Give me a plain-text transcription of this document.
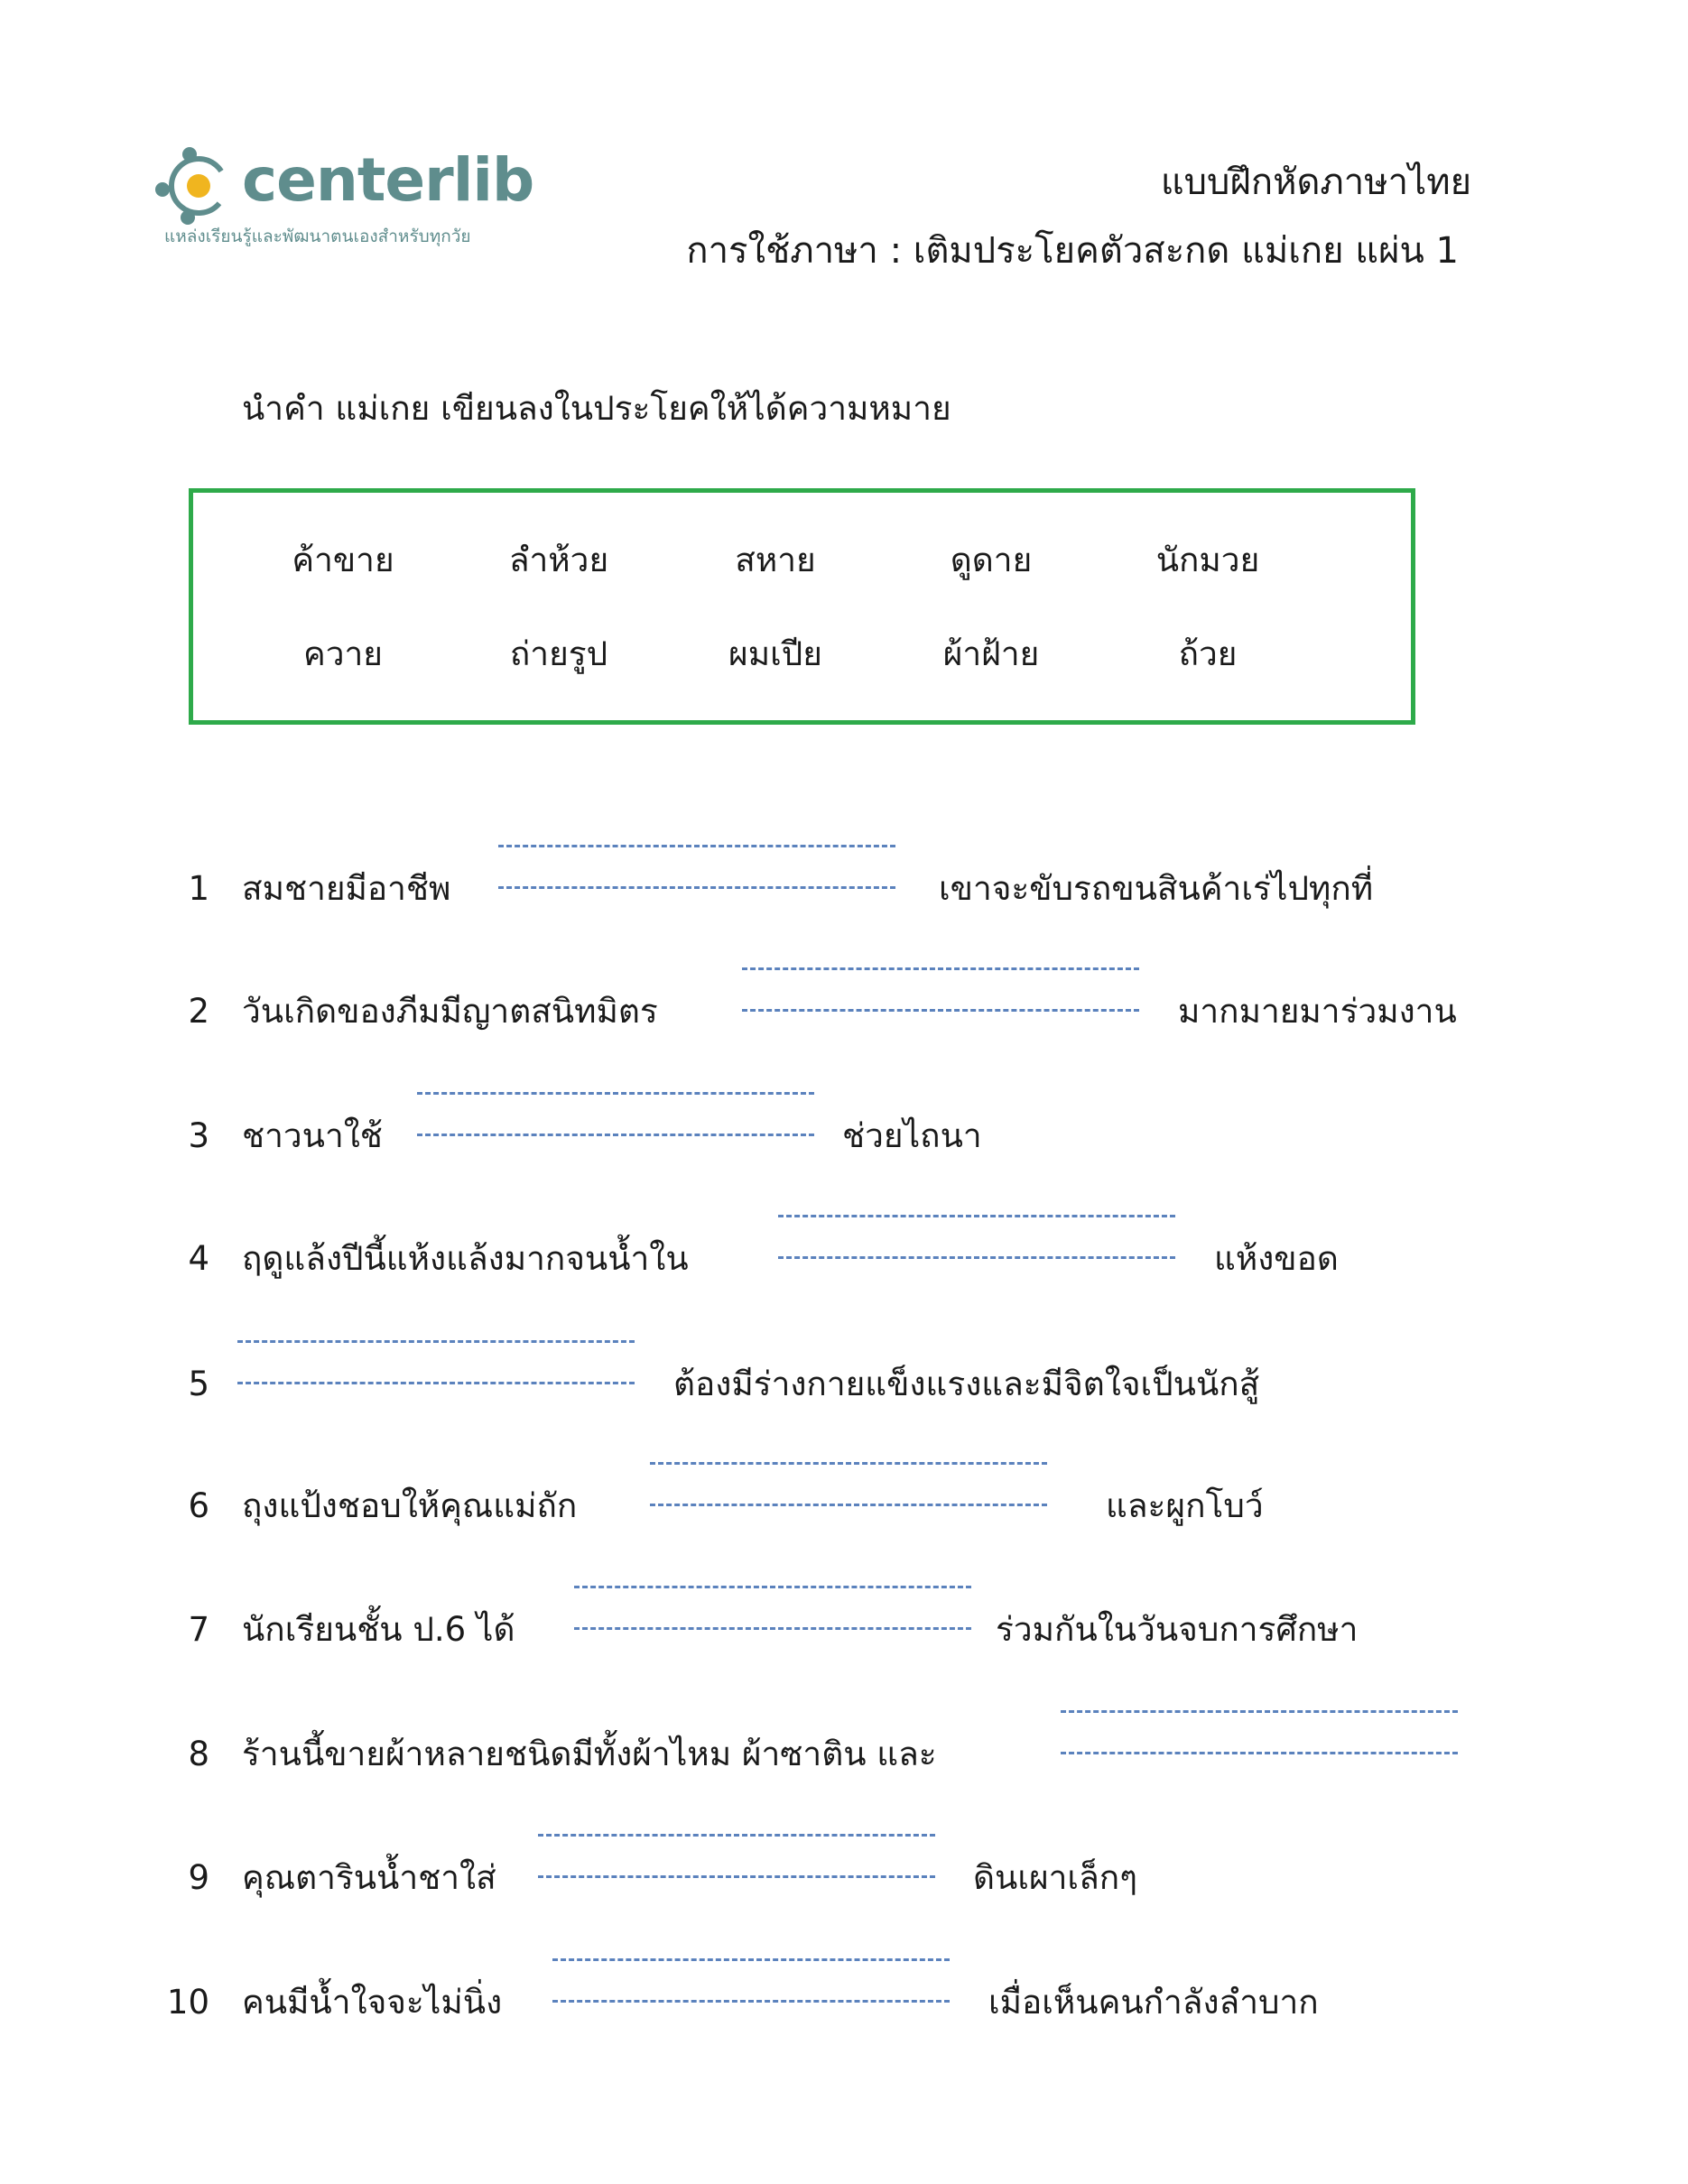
centerlib
แหล่งเรียนรู้และพัฒนาตนเองสำหรับทุกวัย
แบบฝึกหัดภาษาไทย
การใช้ภาษา : เติมประโยคตัวสะกด แม่เกย แผ่น 1
นำคำ แม่เกย เขียนลงในประโยคให้ได้ความหมาย
ค้าขาย	ลำห้วย	สหาย	ดูดาย	นักมวย
ควาย	ถ่ายรูป	ผมเปีย	ผ้าฝ้าย	ถ้วย
1 สมชายมีอาชีพ	เขาจะขับรถขนสินค้าเร่ไปทุกที่
2 วันเกิดของภีมมีญาตสนิทมิตร	มากมายมาร่วมงาน
3 ชาวนาใช้	ช่วยไถนา
4 ฤดูแล้งปีนี้แห้งแล้งมากจนน้ำใน	แห้งขอด
5	ต้องมีร่างกายแข็งแรงและมีจิตใจเป็นนักสู้
6 ถุงแป้งชอบให้คุณแม่ถัก	และผูกโบว์
7 นักเรียนชั้น ป.6 ได้	ร่วมกันในวันจบการศึกษา
8 ร้านนี้ขายผ้าหลายชนิดมีทั้งผ้าไหม ผ้าซาติน และ
9 คุณตารินน้ำชาใส่	ดินเผาเล็กๆ
10 คนมีน้ำใจจะไม่นิ่ง	เมื่อเห็นคนกำลังลำบาก
